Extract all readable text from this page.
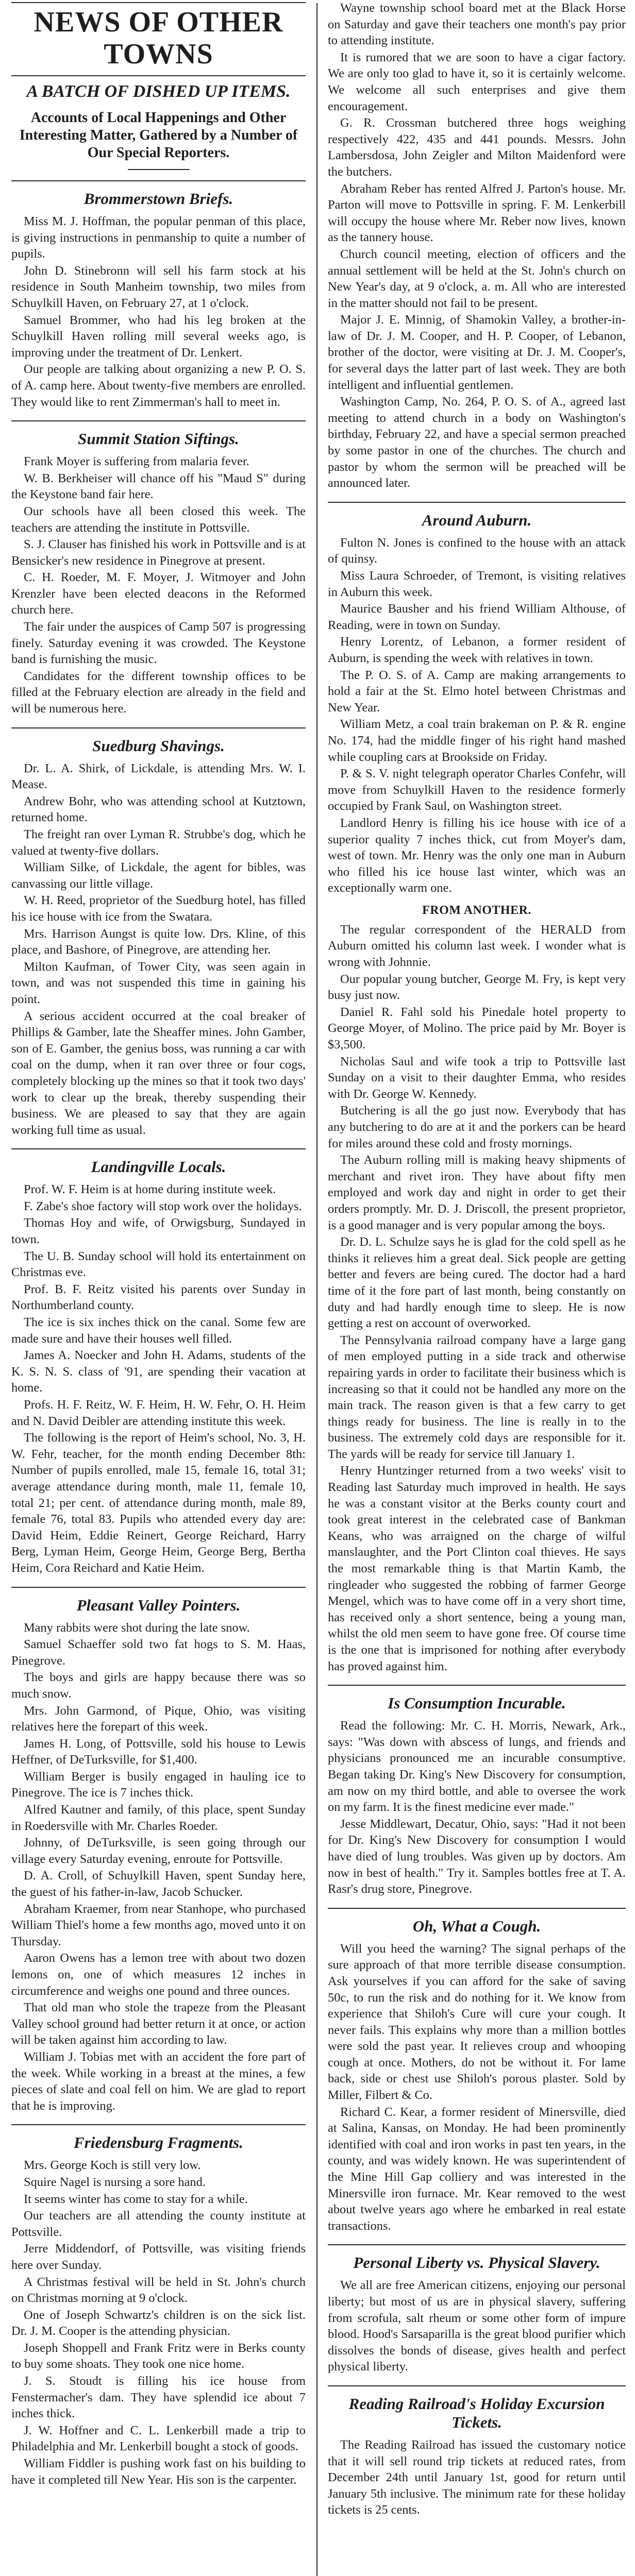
NEWS OF OTHER TOWNS
A BATCH OF DISHED UP ITEMS.
Accounts of Local Happenings and Other Interesting Matter, Gathered by a Number of Our Special Reporters.
Brommerstown Briefs.

Miss M. J. Hoffman, the popular penman of this place, is giving instructions in penmanship to quite a number of pupils.

John D. Stinebronn will sell his farm stock at his residence in South Manheim township, two miles from Schuylkill Haven, on February 27, at 1 o'clock.

Samuel Brommer, who had his leg broken at the Schuylkill Haven rolling mill several weeks ago, is improving under the treatment of Dr. Lenkert.

Our people are talking about organizing a new P. O. S. of A. camp here. About twenty-five members are enrolled. They would like to rent Zimmerman's hall to meet in.

Summit Station Siftings.

Frank Moyer is suffering from malaria fever.

W. B. Berkheiser will chance off his "Maud S" during the Keystone band fair here.

Our schools have all been closed this week. The teachers are attending the institute in Pottsville.

S. J. Clauser has finished his work in Pottsville and is at Bensicker's new residence in Pinegrove at present.

C. H. Roeder, M. F. Moyer, J. Witmoyer and John Krenzler have been elected deacons in the Reformed church here.

The fair under the auspices of Camp 507 is progressing finely. Saturday evening it was crowded. The Keystone band is furnishing the music.

Candidates for the different township offices to be filled at the February election are already in the field and will be numerous here.

Suedburg Shavings.

Dr. L. A. Shirk, of Lickdale, is attending Mrs. W. I. Mease.

Andrew Bohr, who was attending school at Kutztown, returned home.

The freight ran over Lyman R. Strubbe's dog, which he valued at twenty-five dollars.

William Silke, of Lickdale, the agent for bibles, was canvassing our little village.

W. H. Reed, proprietor of the Suedburg hotel, has filled his ice house with ice from the Swatara.

Mrs. Harrison Aungst is quite low. Drs. Kline, of this place, and Bashore, of Pinegrove, are attending her.

Milton Kaufman, of Tower City, was seen again in town, and was not suspended this time in gaining his point.

A serious accident occurred at the coal breaker of Phillips & Gamber, late the Sheaffer mines. John Gamber, son of E. Gamber, the genius boss, was running a car with coal on the dump, when it ran over three or four cogs, completely blocking up the mines so that it took two days' work to clear up the break, thereby suspending their business. We are pleased to say that they are again working full time as usual.

Landingville Locals.

Prof. W. F. Heim is at home during institute week.

F. Zabe's shoe factory will stop work over the holidays.

Thomas Hoy and wife, of Orwigsburg, Sundayed in town.

The U. B. Sunday school will hold its entertainment on Christmas eve.

Prof. B. F. Reitz visited his parents over Sunday in Northumberland county.

The ice is six inches thick on the canal. Some few are made sure and have their houses well filled.

James A. Noecker and John H. Adams, students of the K. S. N. S. class of '91, are spending their vacation at home.

Profs. H. F. Reitz, W. F. Heim, H. W. Fehr, O. H. Heim and N. David Deibler are attending institute this week.

The following is the report of Heim's school, No. 3, H. W. Fehr, teacher, for the month ending December 8th: Number of pupils enrolled, male 15, female 16, total 31; average attendance during month, male 11, female 10, total 21; per cent. of attendance during month, male 89, female 76, total 83. Pupils who attended every day are: David Heim, Eddie Reinert, George Reichard, Harry Berg, Lyman Heim, George Heim, George Berg, Bertha Heim, Cora Reichard and Katie Heim.

Pleasant Valley Pointers.

Many rabbits were shot during the late snow.

Samuel Schaeffer sold two fat hogs to S. M. Haas, Pinegrove.

The boys and girls are happy because there was so much snow.

Mrs. John Garmond, of Pique, Ohio, was visiting relatives here the forepart of this week.

James H. Long, of Pottsville, sold his house to Lewis Heffner, of DeTurksville, for $1,400.

William Berger is busily engaged in hauling ice to Pinegrove. The ice is 7 inches thick.

Alfred Kautner and family, of this place, spent Sunday in Roedersville with Mr. Charles Roeder.

Johnny, of DeTurksville, is seen going through our village every Saturday evening, enroute for Pottsville.

D. A. Croll, of Schuylkill Haven, spent Sunday here, the guest of his father-in-law, Jacob Schucker.

Abraham Kraemer, from near Stanhope, who purchased William Thiel's home a few months ago, moved unto it on Thursday.

Aaron Owens has a lemon tree with about two dozen lemons on, one of which measures 12 inches in circumference and weighs one pound and three ounces.

That old man who stole the trapeze from the Pleasant Valley school ground had better return it at once, or action will be taken against him according to law.

William J. Tobias met with an accident the fore part of the week. While working in a breast at the mines, a few pieces of slate and coal fell on him. We are glad to report that he is improving.

Friedensburg Fragments.

Mrs. George Koch is still very low.

Squire Nagel is nursing a sore hand.

It seems winter has come to stay for a while.

Our teachers are all attending the county institute at Pottsville.

Jerre Middendorf, of Pottsville, was visiting friends here over Sunday.

A Christmas festival will be held in St. John's church on Christmas morning at 9 o'clock.

One of Joseph Schwartz's children is on the sick list. Dr. J. M. Cooper is the attending physician.

Joseph Shoppell and Frank Fritz were in Berks county to buy some shoats. They took one nice home.

J. S. Stoudt is filling his ice house from Fenstermacher's dam. They have splendid ice about 7 inches thick.

J. W. Hoffner and C. L. Lenkerbill made a trip to Philadelphia and Mr. Lenkerbill bought a stock of goods.

William Fiddler is pushing work fast on his building to have it completed till New Year. His son is the carpenter.

Wayne township school board met at the Black Horse on Saturday and gave their teachers one month's pay prior to attending institute.

It is rumored that we are soon to have a cigar factory. We are only too glad to have it, so it is certainly welcome. We welcome all such enterprises and give them encouragement.

G. R. Crossman butchered three hogs weighing respectively 422, 435 and 441 pounds. Messrs. John Lambersdosa, John Zeigler and Milton Maidenford were the butchers.

Abraham Reber has rented Alfred J. Parton's house. Mr. Parton will move to Pottsville in spring. F. M. Lenkerbill will occupy the house where Mr. Reber now lives, known as the tannery house.

Church council meeting, election of officers and the annual settlement will be held at the St. John's church on New Year's day, at 9 o'clock, a. m. All who are interested in the matter should not fail to be present.

Major J. E. Minnig, of Shamokin Valley, a brother-in-law of Dr. J. M. Cooper, and H. P. Cooper, of Lebanon, brother of the doctor, were visiting at Dr. J. M. Cooper's, for several days the latter part of last week. They are both intelligent and influential gentlemen.

Washington Camp, No. 264, P. O. S. of A., agreed last meeting to attend church in a body on Washington's birthday, February 22, and have a special sermon preached by some pastor in one of the churches. The church and pastor by whom the sermon will be preached will be announced later.

Around Auburn.

Fulton N. Jones is confined to the house with an attack of quinsy.

Miss Laura Schroeder, of Tremont, is visiting relatives in Auburn this week.

Maurice Bausher and his friend William Althouse, of Reading, were in town on Sunday.

Henry Lorentz, of Lebanon, a former resident of Auburn, is spending the week with relatives in town.

The P. O. S. of A. Camp are making arrangements to hold a fair at the St. Elmo hotel between Christmas and New Year.

William Metz, a coal train brakeman on P. & R. engine No. 174, had the middle finger of his right hand mashed while coupling cars at Brookside on Friday.

P. & S. V. night telegraph operator Charles Confehr, will move from Schuylkill Haven to the residence formerly occupied by Frank Saul, on Washington street.

Landlord Henry is filling his ice house with ice of a superior quality 7 inches thick, cut from Moyer's dam, west of town. Mr. Henry was the only one man in Auburn who filled his ice house last winter, which was an exceptionally warm one.

FROM ANOTHER.

The regular correspondent of the HERALD from Auburn omitted his column last week. I wonder what is wrong with Johnnie.

Our popular young butcher, George M. Fry, is kept very busy just now.

Daniel R. Fahl sold his Pinedale hotel property to George Moyer, of Molino. The price paid by Mr. Boyer is $3,500.

Nicholas Saul and wife took a trip to Pottsville last Sunday on a visit to their daughter Emma, who resides with Dr. George W. Kennedy.

Butchering is all the go just now. Everybody that has any butchering to do are at it and the porkers can be heard for miles around these cold and frosty mornings.

The Auburn rolling mill is making heavy shipments of merchant and rivet iron. They have about fifty men employed and work day and night in order to get their orders promptly. Mr. D. J. Driscoll, the present proprietor, is a good manager and is very popular among the boys.

Dr. D. L. Schulze says he is glad for the cold spell as he thinks it relieves him a great deal. Sick people are getting better and fevers are being cured. The doctor had a hard time of it the fore part of last month, being constantly on duty and had hardly enough time to sleep. He is now getting a rest on account of overworked.

The Pennsylvania railroad company have a large gang of men employed putting in a side track and otherwise repairing yards in order to facilitate their business which is increasing so that it could not be handled any more on the main track. The reason given is that a few carry to get things ready for business. The line is really in to the business. The extremely cold days are responsible for it. The yards will be ready for service till January 1.

Henry Huntzinger returned from a two weeks' visit to Reading last Saturday much improved in health. He says he was a constant visitor at the Berks county court and took great interest in the celebrated case of Bankman Keans, who was arraigned on the charge of wilful manslaughter, and the Port Clinton coal thieves. He says the most remarkable thing is that Martin Kamb, the ringleader who suggested the robbing of farmer George Mengel, which was to have come off in a very short time, has received only a short sentence, being a young man, whilst the old men seem to have gone free. Of course time is the one that is imprisoned for nothing after everybody has proved against him.

Is Consumption Incurable.

Read the following: Mr. C. H. Morris, Newark, Ark., says: "Was down with abscess of lungs, and friends and physicians pronounced me an incurable consumptive. Began taking Dr. King's New Discovery for consumption, am now on my third bottle, and able to oversee the work on my farm. It is the finest medicine ever made."

Jesse Middlewart, Decatur, Ohio, says: "Had it not been for Dr. King's New Discovery for consumption I would have died of lung troubles. Was given up by doctors. Am now in best of health." Try it. Samples bottles free at T. A. Rasr's drug store, Pinegrove.

Oh, What a Cough.

Will you heed the warning? The signal perhaps of the sure approach of that more terrible disease consumption. Ask yourselves if you can afford for the sake of saving 50c, to run the risk and do nothing for it. We know from experience that Shiloh's Cure will cure your cough. It never fails. This explains why more than a million bottles were sold the past year. It relieves croup and whooping cough at once. Mothers, do not be without it. For lame back, side or chest use Shiloh's porous plaster. Sold by Miller, Filbert & Co.

Richard C. Kear, a former resident of Minersville, died at Salina, Kansas, on Monday. He had been prominently identified with coal and iron works in past ten years, in the county, and was widely known. He was superintendent of the Mine Hill Gap colliery and was interested in the Minersville iron furnace. Mr. Kear removed to the west about twelve years ago where he embarked in real estate transactions.

Personal Liberty vs. Physical Slavery.

We all are free American citizens, enjoying our personal liberty; but most of us are in physical slavery, suffering from scrofula, salt rheum or some other form of impure blood. Hood's Sarsaparilla is the great blood purifier which dissolves the bonds of disease, gives health and perfect physical liberty.

Reading Railroad's Holiday Excursion Tickets.

The Reading Railroad has issued the customary notice that it will sell round trip tickets at reduced rates, from December 24th until January 1st, good for return until January 5th inclusive. The minimum rate for these holiday tickets is 25 cents.
